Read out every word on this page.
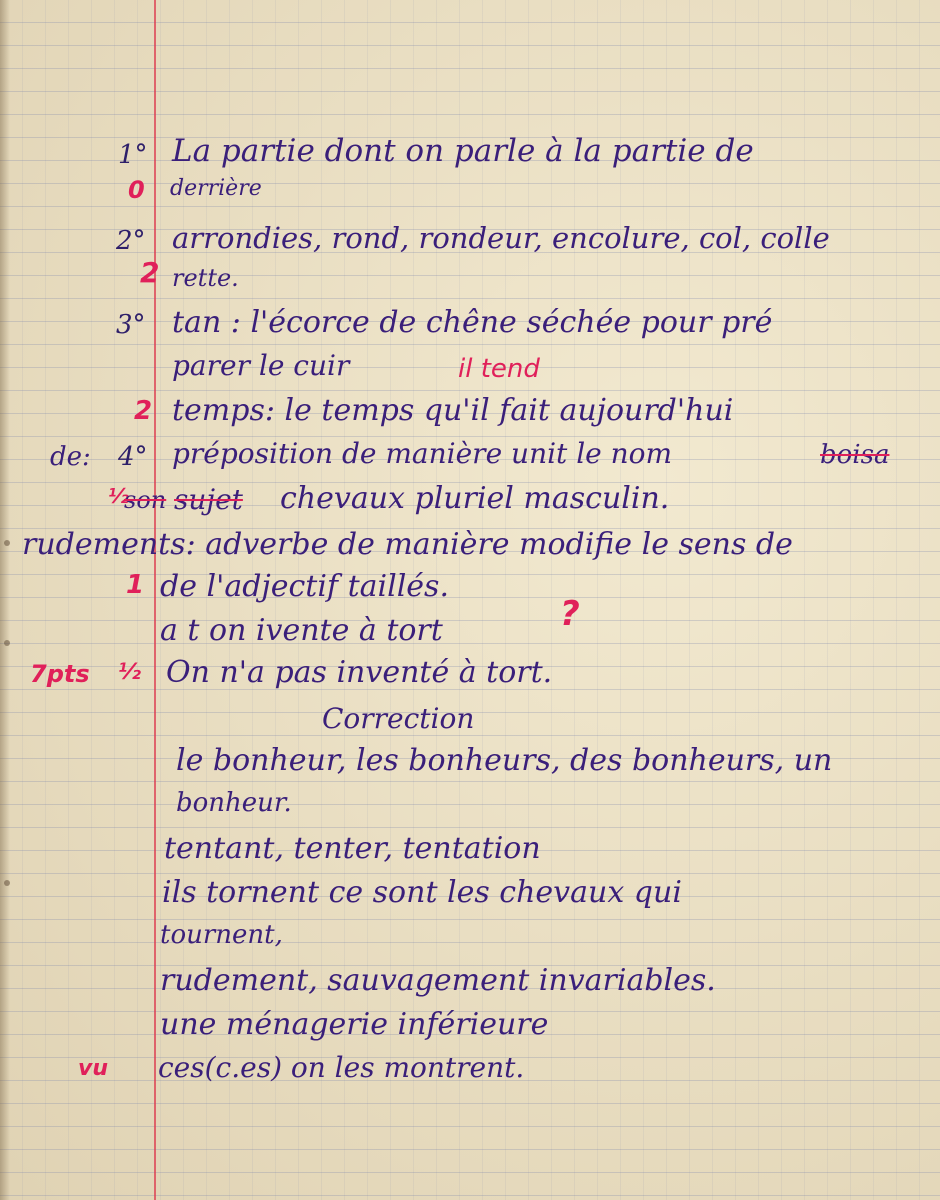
1° La partie dont on parle à la partie de
0 derrière
2° arrondies, rond, rondeur, encolure, col, colle
2 rette.
3° tan : l'écorce de chêne séchée pour pré
parer le cuir	il tend
2 temps: le temps qu'il fait aujourd'hui
de: 4° préposition de manière unit le nom	boisa
½
son sujet chevaux pluriel masculin.
rudements: adverbe de manière modifie le sens de
1 de l'adjectif taillés.
a t on ivente à tort	?
7pts ½ On n'a pas inventé à tort.
Correction
le bonheur, les bonheurs, des bonheurs, un
bonheur.
tentant, tenter, tentation
ils tornent ce sont les chevaux qui
tournent,
rudement, sauvagement invariables.
une ménagerie inférieure
vu ces(c.es) on les montrent.
